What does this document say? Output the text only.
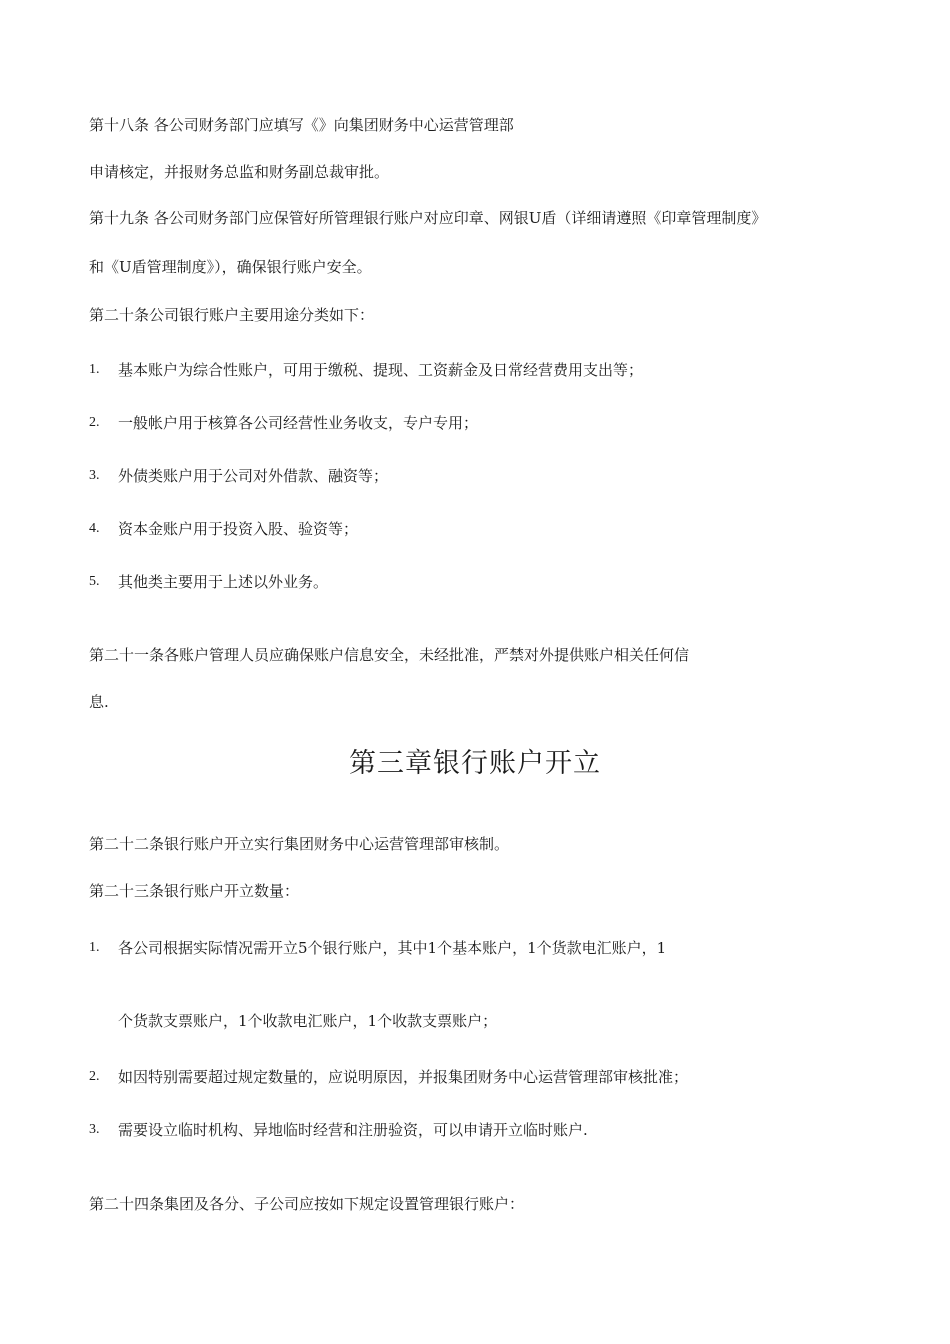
第十八条 各公司财务部门应填写《》向集团财务中心运营管理部
申请核定，并报财务总监和财务副总裁审批。
第十九条 各公司财务部门应保管好所管理银行账户对应印章、网银U盾（详细请遵照《印章管理制度》
和《U盾管理制度》），确保银行账户安全。
第二十条公司银行账户主要用途分类如下：
1. 基本账户为综合性账户，可用于缴税、提现、工资薪金及日常经营费用支出等；
2. 一般帐户用于核算各公司经营性业务收支，专户专用；
3. 外债类账户用于公司对外借款、融资等；
4. 资本金账户用于投资入股、验资等；
5. 其他类主要用于上述以外业务。
第二十一条各账户管理人员应确保账户信息安全，未经批准，严禁对外提供账户相关任何信
息.
第三章银行账户开立
第二十二条银行账户开立实行集团财务中心运营管理部审核制。
第二十三条银行账户开立数量：
1. 各公司根据实际情况需开立5个银行账户，其中1个基本账户，1个货款电汇账户，1
个货款支票账户，1个收款电汇账户，1个收款支票账户；
2. 如因特别需要超过规定数量的，应说明原因，并报集团财务中心运营管理部审核批准；
3. 需要设立临时机构、异地临时经营和注册验资，可以申请开立临时账户.
第二十四条集团及各分、子公司应按如下规定设置管理银行账户：
